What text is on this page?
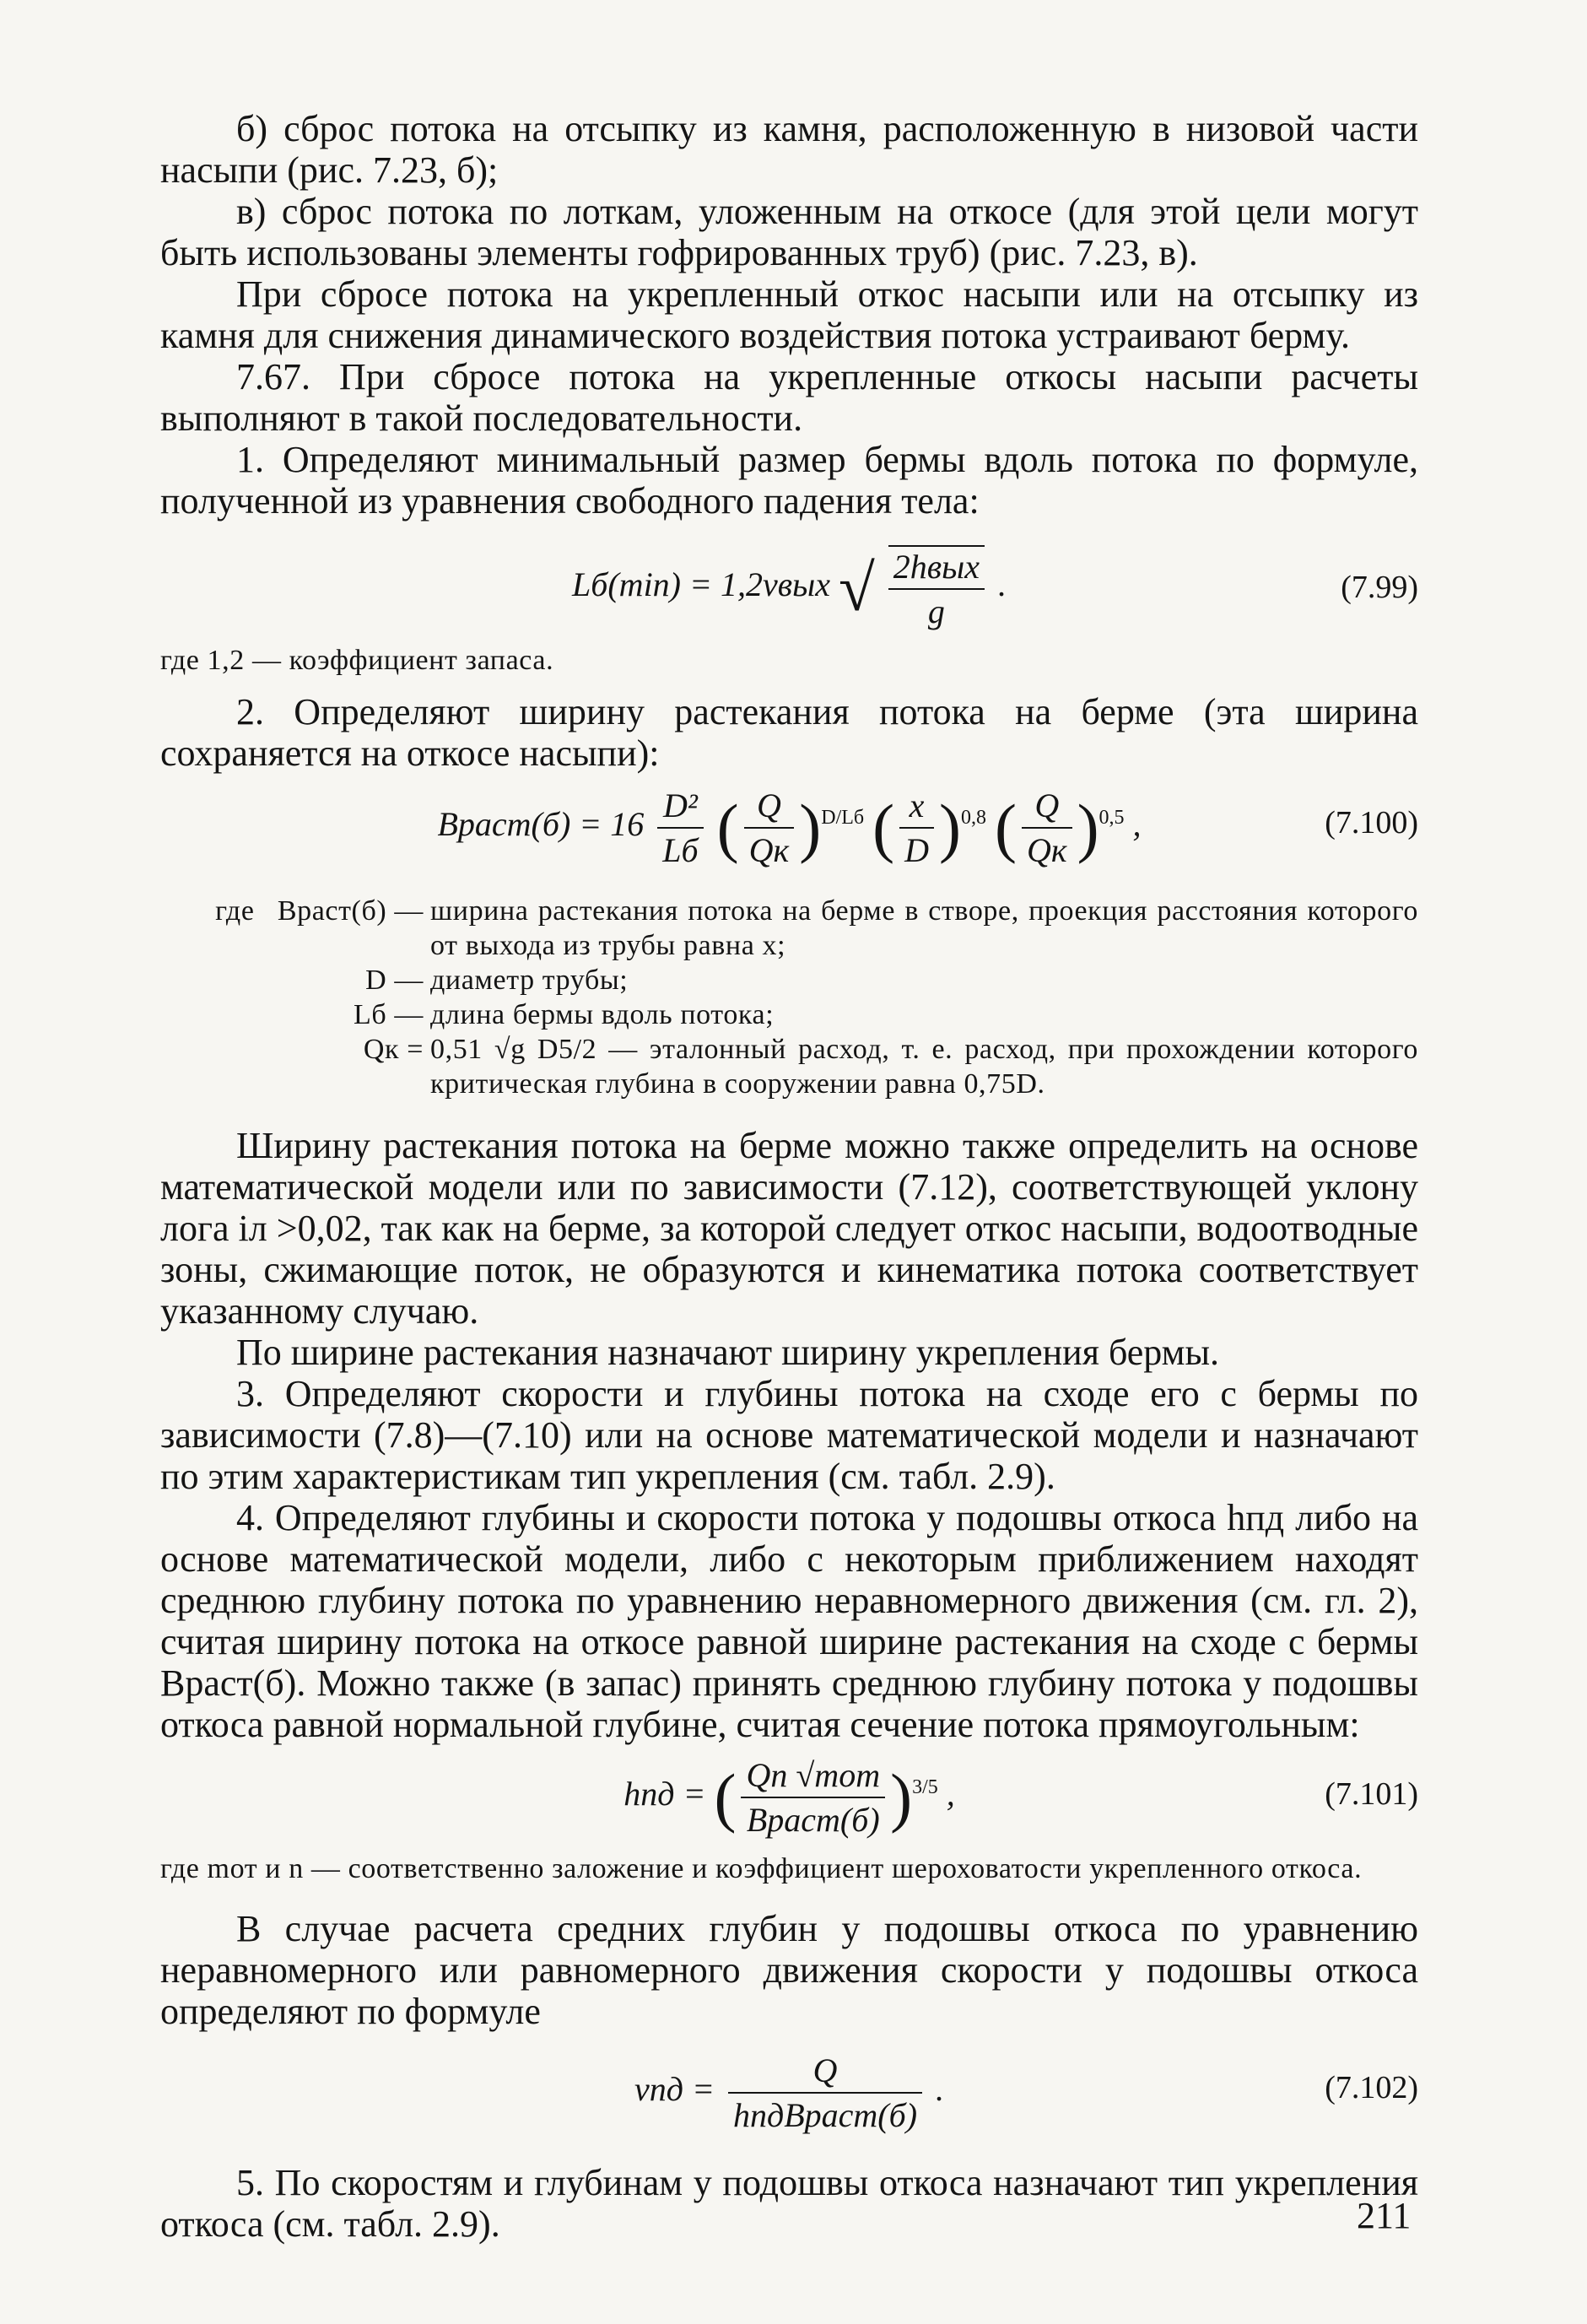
б) сброс потока на отсыпку из камня, расположенную в низовой части насыпи (рис. 7.23, б);

в) сброс потока по лоткам, уложенным на откосе (для этой цели могут быть использованы элементы гофрированных труб) (рис. 7.23, в).

При сбросе потока на укрепленный откос насыпи или на отсыпку из камня для снижения динамического воздействия потока устраивают берму.

7.67. При сбросе потока на укрепленные откосы насыпи расчеты выполняют в такой последовательности.

1. Определяют минимальный размер бермы вдоль потока по формуле, полученной из уравнения свободного падения тела:

Lб(min) = 1,2vвых √ $\frac{\text{2hвых}}{g}$ .	(7.99)

где 1,2 — коэффициент запаса.

2. Определяют ширину растекания потока на берме (эта ширина сохраняется на откосе насыпи):

Bраст(б) = $16 \frac{\text{D²}}{Lб}$ ( $\frac{Q}{Qк} )^{D/Lб}$ ( $\frac{x}{D} )^{0,8}$ ( $\frac{Q}{Qк} )^{0,5}$ ,	(7.100)
где Bраст(б) — ширина растекания потока на берме в створе, проекция расстояния которого от выхода из трубы равна x;
D — диаметр трубы;
Lб — длина бермы вдоль потока;
Qк = 0,51 √g D5/2 — эталонный расход, т. е. расход, при прохождении которого критическая глубина в сооружении равна 0,75D.

Ширину растекания потока на берме можно также определить на основе математической модели или по зависимости (7.12), соответствующей уклону лога iл >0,02, так как на берме, за которой следует откос насыпи, водоотводные зоны, сжимающие поток, не образуются и кинематика потока соответствует указанному случаю.

По ширине растекания назначают ширину укрепления бермы.

3. Определяют скорости и глубины потока на сходе его с бермы по зависимости (7.8)—(7.10) или на основе математической модели и назначают по этим характеристикам тип укрепления (см. табл. 2.9).

4. Определяют глубины и скорости потока у подошвы откоса hпд либо на основе математической модели, либо с некоторым приближением находят среднюю глубину потока по уравнению неравномерного движения (см. гл. 2), считая ширину потока на откосе равной ширине растекания на сходе с бермы Bраст(б). Можно также (в запас) принять среднюю глубину потока у подошвы откоса равной нормальной глубине, считая сечение потока прямоугольным:

hпд = ( $\frac{\text{Qn √mот}}{\text{Bраст(б)}} )^{3/5}$ ,	(7.101)

где mот и n — соответственно заложение и коэффициент шероховатости укрепленного откоса.

В случае расчета средних глубин у подошвы откоса по уравнению неравномерного или равномерного движения скорости у подошвы откоса определяют по формуле

vпд = $\frac{Q}{\text{hпдBраст(б)}}$ .	(7.102)

5. По скоростям и глубинам у подошвы откоса назначают тип укрепления откоса (см. табл. 2.9).	211
